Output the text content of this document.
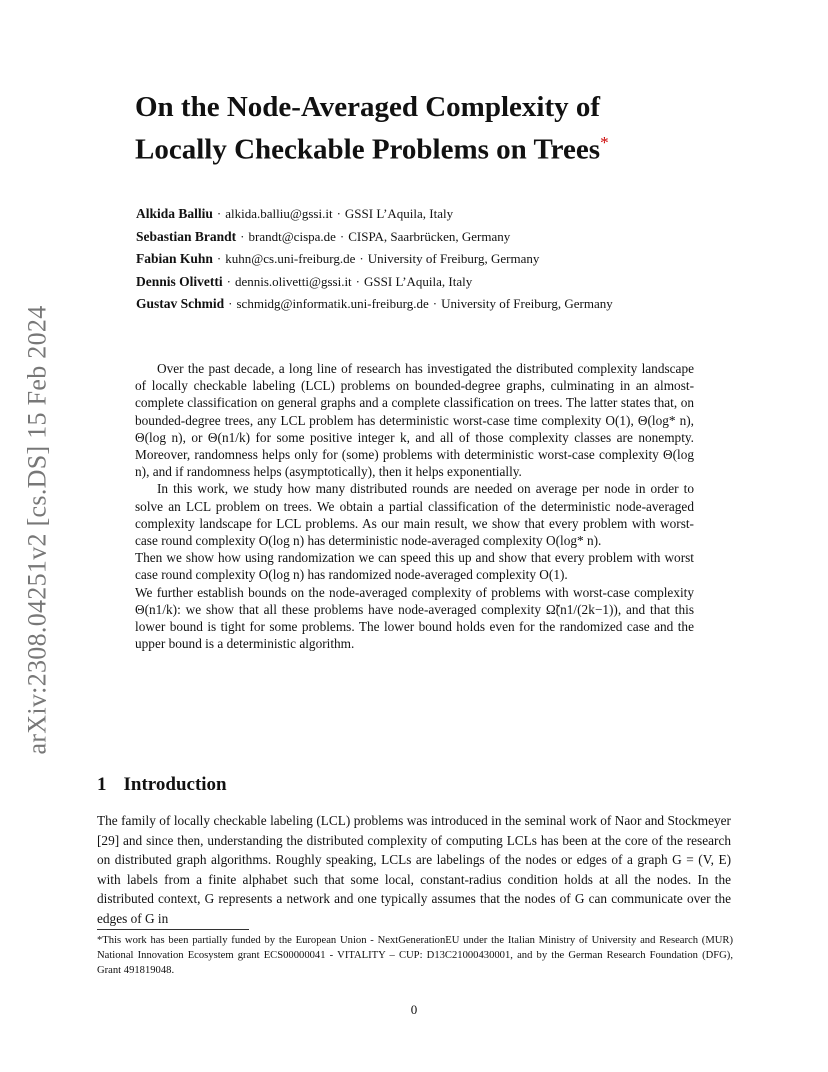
arXiv:2308.04251v2 [cs.DS] 15 Feb 2024
On the Node-Averaged Complexity of
Locally Checkable Problems on Trees*
Alkida Balliu · alkida.balliu@gssi.it · GSSI L’Aquila, Italy
Sebastian Brandt · brandt@cispa.de · CISPA, Saarbrücken, Germany
Fabian Kuhn · kuhn@cs.uni-freiburg.de · University of Freiburg, Germany
Dennis Olivetti · dennis.olivetti@gssi.it · GSSI L’Aquila, Italy
Gustav Schmid · schmidg@informatik.uni-freiburg.de · University of Freiburg, Germany

Over the past decade, a long line of research has investigated the distributed complexity landscape of locally checkable labeling (LCL) problems on bounded-degree graphs, culminating in an almost-complete classification on general graphs and a complete classification on trees. The latter states that, on bounded-degree trees, any LCL problem has deterministic worst-case time complexity O(1), Θ(log* n), Θ(log n), or Θ(n1/k) for some positive integer k, and all of those complexity classes are nonempty. Moreover, randomness helps only for (some) problems with deterministic worst-case complexity Θ(log n), and if randomness helps (asymptotically), then it helps exponentially.

In this work, we study how many distributed rounds are needed on average per node in order to solve an LCL problem on trees. We obtain a partial classification of the deterministic node-averaged complexity landscape for LCL problems. As our main result, we show that every problem with worst-case round complexity O(log n) has deterministic node-averaged complexity O(log* n).

Then we show how using randomization we can speed this up and show that every problem with worst case round complexity O(log n) has randomized node-averaged complexity O(1).

We further establish bounds on the node-averaged complexity of problems with worst-case complexity Θ(n1/k): we show that all these problems have node-averaged complexity Ω̃(n1/(2k−1)), and that this lower bound is tight for some problems. The lower bound holds even for the randomized case and the upper bound is a deterministic algorithm.

1 Introduction

The family of locally checkable labeling (LCL) problems was introduced in the seminal work of Naor and Stockmeyer [29] and since then, understanding the distributed complexity of computing LCLs has been at the core of the research on distributed graph algorithms. Roughly speaking, LCLs are labelings of the nodes or edges of a graph G = (V, E) with labels from a finite alphabet such that some local, constant-radius condition holds at all the nodes. In the distributed context, G represents a network and one typically assumes that the nodes of G can communicate over the edges of G in

*This work has been partially funded by the European Union - NextGenerationEU under the Italian Ministry of University and Research (MUR) National Innovation Ecosystem grant ECS00000041 - VITALITY – CUP: D13C21000430001, and by the German Research Foundation (DFG), Grant 491819048.

0
